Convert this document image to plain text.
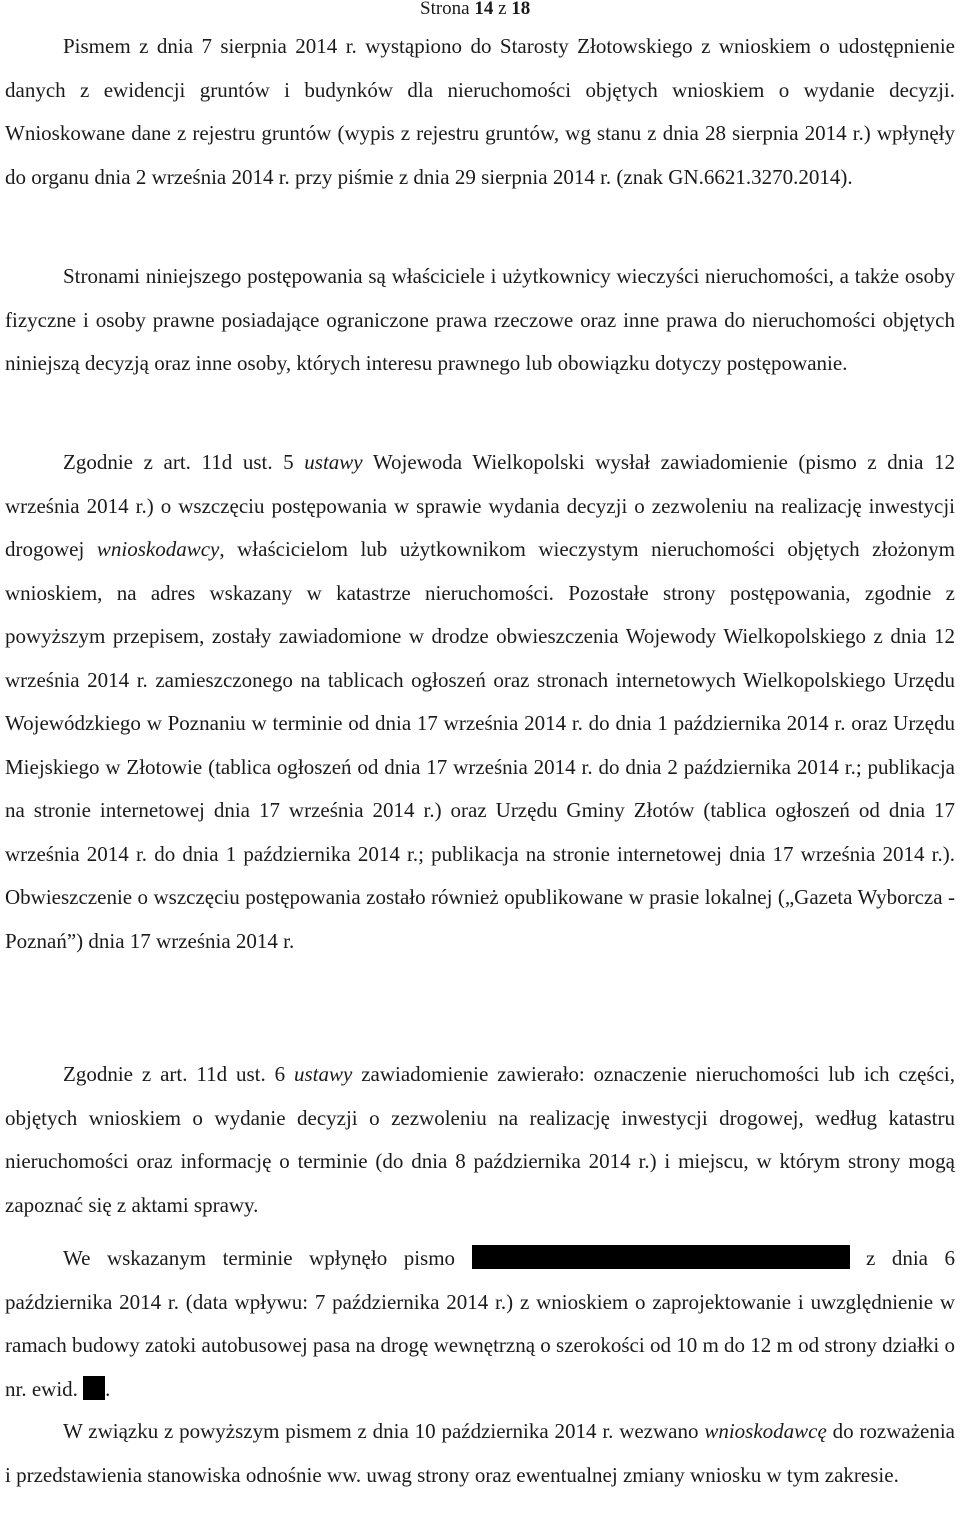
Strona 14 z 18

Pismem z dnia 7 sierpnia 2014 r. wystąpiono do Starosty Złotowskiego z wnioskiem o udostępnienie danych z ewidencji gruntów i budynków dla nieruchomości objętych wnioskiem o wydanie decyzji. Wnioskowane dane z rejestru gruntów (wypis z rejestru gruntów, wg stanu z dnia 28 sierpnia 2014 r.) wpłynęły do organu dnia 2 września 2014 r. przy piśmie z dnia 29 sierpnia 2014 r. (znak GN.6621.3270.2014).

Stronami niniejszego postępowania są właściciele i użytkownicy wieczyści nieruchomości, a także osoby fizyczne i osoby prawne posiadające ograniczone prawa rzeczowe oraz inne prawa do nieruchomości objętych niniejszą decyzją oraz inne osoby, których interesu prawnego lub obowiązku dotyczy postępowanie.

Zgodnie z art. 11d ust. 5 ustawy Wojewoda Wielkopolski wysłał zawiadomienie (pismo z dnia 12 września 2014 r.) o wszczęciu postępowania w sprawie wydania decyzji o zezwoleniu na realizację inwestycji drogowej wnioskodawcy, właścicielom lub użytkownikom wieczystym nieruchomości objętych złożonym wnioskiem, na adres wskazany w katastrze nieruchomości. Pozostałe strony postępowania, zgodnie z powyższym przepisem, zostały zawiadomione w drodze obwieszczenia Wojewody Wielkopolskiego z dnia 12 września 2014 r. zamieszczonego na tablicach ogłoszeń oraz stronach internetowych Wielkopolskiego Urzędu Wojewódzkiego w Poznaniu w terminie od dnia 17 września 2014 r. do dnia 1 października 2014 r. oraz Urzędu Miejskiego w Złotowie (tablica ogłoszeń od dnia 17 września 2014 r. do dnia 2 października 2014 r.; publikacja na stronie internetowej dnia 17 września 2014 r.) oraz Urzędu Gminy Złotów (tablica ogłoszeń od dnia 17 września 2014 r. do dnia 1 października 2014 r.; publikacja na stronie internetowej dnia 17 września 2014 r.). Obwieszczenie o wszczęciu postępowania zostało również opublikowane w prasie lokalnej („Gazeta Wyborcza - Poznań”) dnia 17 września 2014 r.

Zgodnie z art. 11d ust. 6 ustawy zawiadomienie zawierało: oznaczenie nieruchomości lub ich części, objętych wnioskiem o wydanie decyzji o zezwoleniu na realizację inwestycji drogowej, według katastru nieruchomości oraz informację o terminie (do dnia 8 października 2014 r.) i miejscu, w którym strony mogą zapoznać się z aktami sprawy.

We wskazanym terminie wpłynęło pismo	z dnia 6 października 2014 r. (data wpływu: 7 października 2014 r.) z wnioskiem o zaprojektowanie i uwzględnienie w ramach budowy zatoki autobusowej pasa na drogę wewnętrzną o szerokości od 10 m do 12 m od strony działki o nr. ewid. .

W związku z powyższym pismem z dnia 10 października 2014 r. wezwano wnioskodawcę do rozważenia i przedstawienia stanowiska odnośnie ww. uwag strony oraz ewentualnej zmiany wniosku w tym zakresie.
